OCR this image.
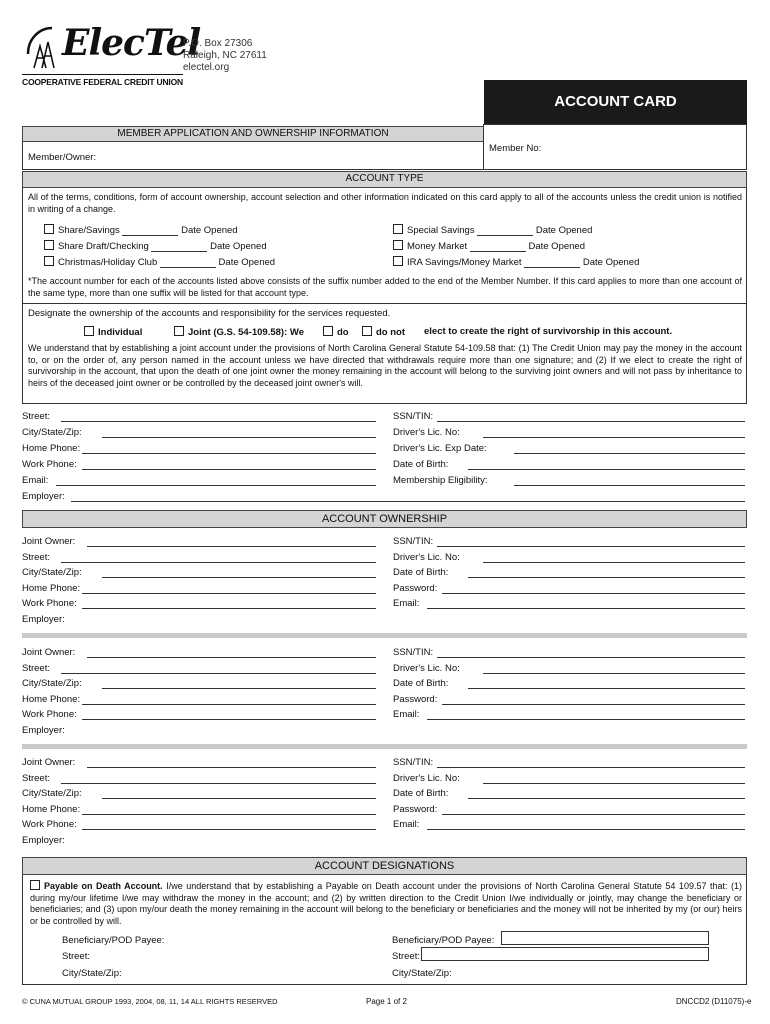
ElecTel
COOPERATIVE FEDERAL CREDIT UNION
P.O. Box 27306
Raleigh, NC 27611
electel.org
ACCOUNT CARD
MEMBER APPLICATION AND OWNERSHIP INFORMATION
Member/Owner:
Member No:
ACCOUNT TYPE
All of the terms, conditions, form of account ownership, account selection and other information indicated on this card apply to all of the accounts unless the credit union is notified in writing of a change.
Share/Savings	Date Opened
Share Draft/Checking	Date Opened
Christmas/Holiday Club	Date Opened
Special Savings	Date Opened
Money Market	Date Opened
IRA Savings/Money Market	Date Opened
*The account number for each of the accounts listed above consists of the suffix number added to the end of the Member Number. If this card applies to more than one account of the same type, more than one suffix will be listed for that account type.
Designate the ownership of the accounts and responsibility for the services requested.
Individual	Joint (G.S. 54-109.58): We	do	do not elect to create the right of survivorship in this account.
We understand that by establishing a joint account under the provisions of North Carolina General Statute 54-109.58 that: (1) The Credit Union may pay the money in the account to, or on the order of, any person named in the account unless we have directed that withdrawals require more than one signature; and (2) If we elect to create the right of survivorship in the account, that upon the death of one joint owner the money remaining in the account will belong to the surviving joint owners and will not pass by inheritance to heirs of the deceased joint owner or be controlled by the deceased joint owner's will.
Street:
City/State/Zip:
Home Phone:
Work Phone:
Email:
Employer:
SSN/TIN:
Driver's Lic. No:
Driver's Lic. Exp Date:
Date of Birth:
Membership Eligibility:
ACCOUNT OWNERSHIP
Joint Owner:
Street:
City/State/Zip:
Home Phone:
Work Phone:
Employer:
SSN/TIN:
Driver's Lic. No:
Date of Birth:
Password:
Email:
Joint Owner:
Street:
City/State/Zip:
Home Phone:
Work Phone:
Employer:
SSN/TIN:
Driver's Lic. No:
Date of Birth:
Password:
Email:
Joint Owner:
Street:
City/State/Zip:
Home Phone:
Work Phone:
Employer:
SSN/TIN:
Driver's Lic. No:
Date of Birth:
Password:
Email:
ACCOUNT DESIGNATIONS
Payable on Death Account. I/we understand that by establishing a Payable on Death account under the provisions of North Carolina General Statute 54 109.57 that: (1) during my/our lifetime I/we may withdraw the money in the account; and (2) by written direction to the Credit Union I/we individually or jointly, may change the beneficiary or beneficiaries; and (3) upon my/our death the money remaining in the account will belong to the beneficiary or beneficiaries and the money will not be inherited by my (or our) heirs or be controlled by will.
Beneficiary/POD Payee:
Street:
City/State/Zip:
Beneficiary/POD Payee:
Street:
City/State/Zip:
© CUNA MUTUAL GROUP 1993, 2004, 08, 11, 14 ALL RIGHTS RESERVED	Page 1 of 2	DNCCD2 (D11075)-e
